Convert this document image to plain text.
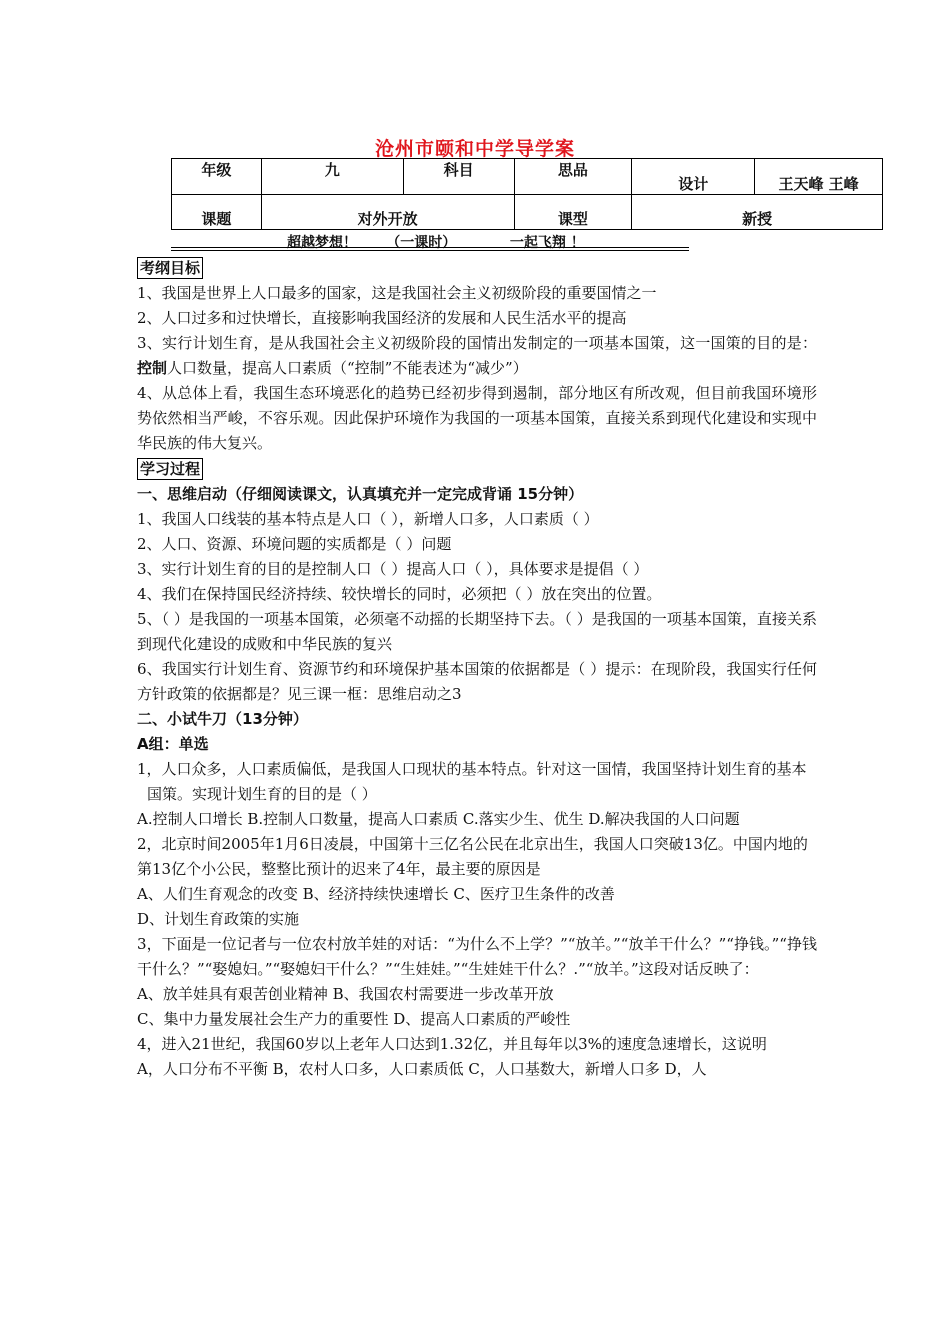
沧州市颐和中学导学案
年级	九	科目	思品	设计	王天峰 王峰
课题	对外开放		课型	新授	
超越梦想！      （一课时）           一起飞翔 ！
考纲目标

1、我国是世界上人口最多的国家，这是我国社会主义初级阶段的重要国情之一

2、人口过多和过快增长，直接影响我国经济的发展和人民生活水平的提高

3、实行计划生育，是从我国社会主义初级阶段的国情出发制定的一项基本国策，这一国策的目的是：控制人口数量，提高人口素质（“控制”不能表述为“减少”）

4、从总体上看，我国生态环境恶化的趋势已经初步得到遏制，部分地区有所改观，但目前我国环境形势依然相当严峻，不容乐观。因此保护环境作为我国的一项基本国策，直接关系到现代化建设和实现中华民族的伟大复兴。

学习过程

一、思维启动（仔细阅读课文，认真填充并一定完成背诵 15分钟）

1、我国人口线装的基本特点是人口（ ），新增人口多，人口素质（ ）

2、人口、资源、环境问题的实质都是（ ）问题

3、实行计划生育的目的是控制人口（ ）提高人口（ ），具体要求是提倡（ ）

4、我们在保持国民经济持续、较快增长的同时，必须把（ ）放在突出的位置。

5、（ ）是我国的一项基本国策，必须毫不动摇的长期坚持下去。（ ）是我国的一项基本国策，直接关系到现代化建设的成败和中华民族的复兴

6、我国实行计划生育、资源节约和环境保护基本国策的依据都是（ ）提示：在现阶段，我国实行任何方针政策的依据都是？见三课一框：思维启动之3

二、小试牛刀（13分钟）

A组：单选

1，人口众多，人口素质偏低，是我国人口现状的基本特点。针对这一国情，我国坚持计划生育的基本国策。实现计划生育的目的是（ ）

A.控制人口增长 B.控制人口数量，提高人口素质 C.落实少生、优生 D.解决我国的人口问题

2，北京时间2005年1月6日凌晨，中国第十三亿名公民在北京出生，我国人口突破13亿。中国内地的第13亿个小公民，整整比预计的迟来了4年，最主要的原因是

A、人们生育观念的改变 B、经济持续快速增长 C、医疗卫生条件的改善

D、计划生育政策的实施

3，下面是一位记者与一位农村放羊娃的对话：“为什么不上学？”“放羊。”“放羊干什么？”“挣钱。”“挣钱干什么？”“娶媳妇。”“娶媳妇干什么？”“生娃娃。”“生娃娃干什么？.”“放羊。”这段对话反映了：

A、放羊娃具有艰苦创业精神 B、我国农村需要进一步改革开放

C、集中力量发展社会生产力的重要性 D、提高人口素质的严峻性

4，进入21世纪，我国60岁以上老年人口达到1.32亿，并且每年以3%的速度急速增长，这说明

A，人口分布不平衡 B，农村人口多，人口素质低 C，人口基数大，新增人口多 D，人
